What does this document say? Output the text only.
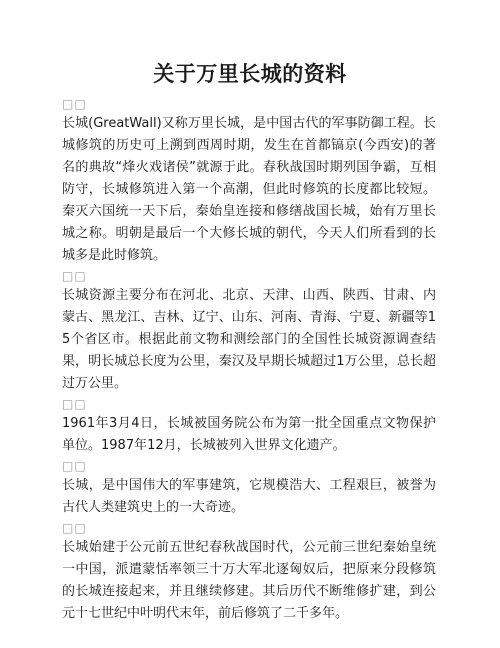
关于万里长城的资料
□□

长城(GreatWall)又称万里长城，是中国古代的军事防御工程。长城修筑的历史可上溯到西周时期，发生在首都镐京(今西安)的著名的典故“烽火戏诸侯”就源于此。春秋战国时期列国争霸，互相防守，长城修筑进入第一个高潮，但此时修筑的长度都比较短。秦灭六国统一天下后，秦始皇连接和修缮战国长城，始有万里长城之称。明朝是最后一个大修长城的朝代，今天人们所看到的长城多是此时修筑。

□□

长城资源主要分布在河北、北京、天津、山西、陕西、甘肃、内蒙古、黑龙江、吉林、辽宁、山东、河南、青海、宁夏、新疆等15个省区市。根据此前文物和测绘部门的全国性长城资源调查结果，明长城总长度为公里，秦汉及早期长城超过1万公里，总长超过万公里。

□□

1961年3月4日，长城被国务院公布为第一批全国重点文物保护单位。1987年12月，长城被列入世界文化遗产。

□□

长城，是中国伟大的军事建筑，它规模浩大、工程艰巨，被誉为古代人类建筑史上的一大奇迹。

□□

长城始建于公元前五世纪春秋战国时代，公元前三世纪秦始皇统一中国，派遣蒙恬率领三十万大军北逐匈奴后，把原来分段修筑的长城连接起来，并且继续修建。其后历代不断维修扩建，到公元十七世纪中叶明代末年，前后修筑了二千多年。
